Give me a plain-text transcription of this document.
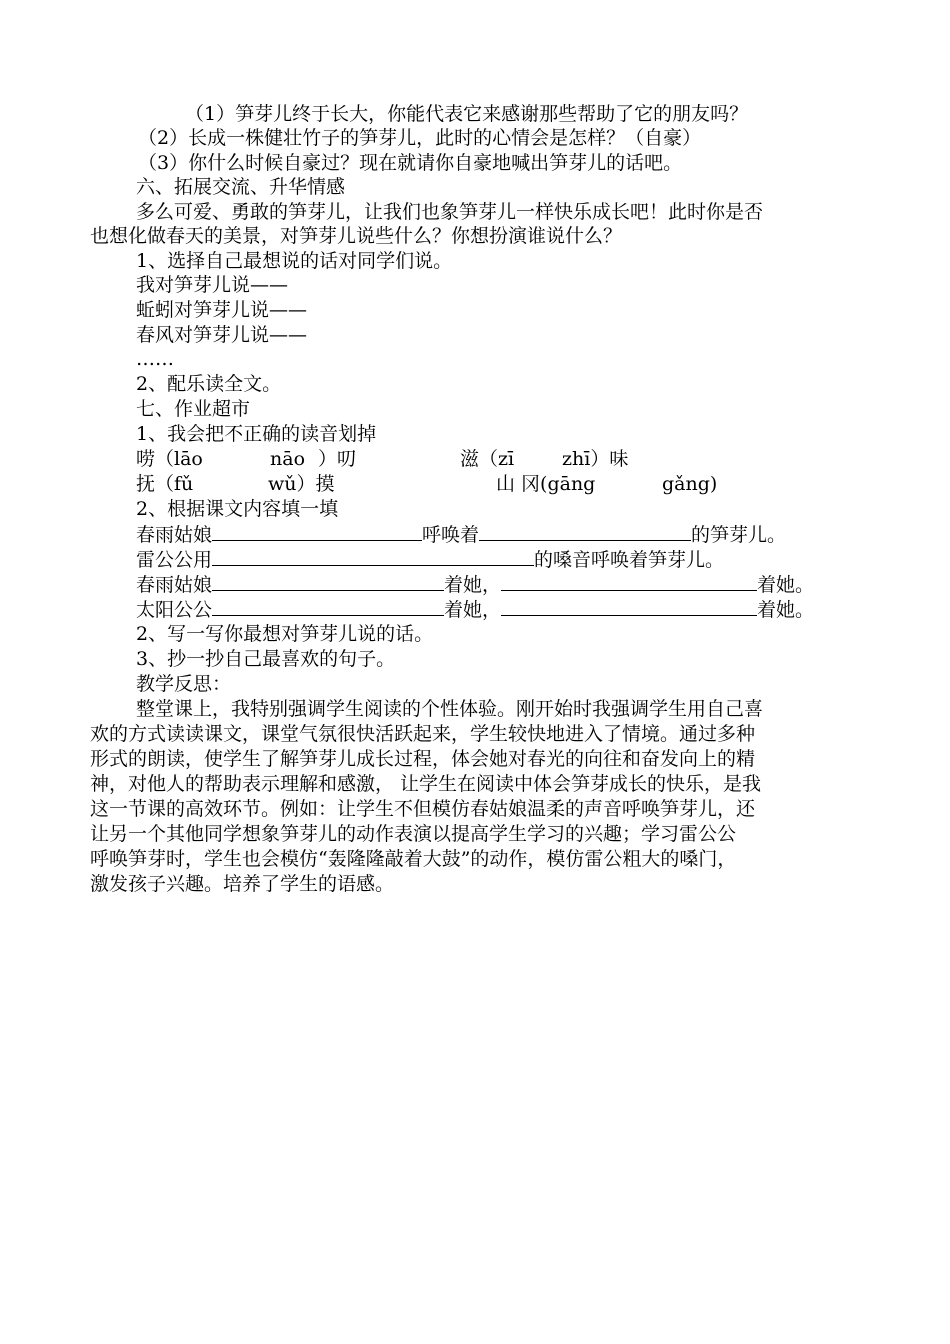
（1）笋芽儿终于长大，你能代表它来感谢那些帮助了它的朋友吗？
（2）长成一株健壮竹子的笋芽儿，此时的心情会是怎样？（自豪）
（3）你什么时候自豪过？现在就请你自豪地喊出笋芽儿的话吧。
六、拓展交流、升华情感
多么可爱、勇敢的笋芽儿，让我们也象笋芽儿一样快乐成长吧！此时你是否
也想化做春天的美景，对笋芽儿说些什么？你想扮演谁说什么？
1、选择自己最想说的话对同学们说。
我对笋芽儿说——
蚯蚓对笋芽儿说——
春风对笋芽儿说——
……
2、配乐读全文。
七、作业超市
1、我会把不正确的读音划掉
唠（lāo	nāo ）叨	滋（zī	zhī）味
抚（fǔ	wǔ）摸	山 冈(gāng	gǎng)
2、根据课文内容填一填
春雨姑娘	呼唤着	的笋芽儿。
雷公公用	的嗓音呼唤着笋芽儿。
春雨姑娘	着她，	着她。
太阳公公	着她，	着她。
2、写一写你最想对笋芽儿说的话。
3、抄一抄自己最喜欢的句子。
教学反思：
整堂课上，我特别强调学生阅读的个性体验。刚开始时我强调学生用自己喜
欢的方式读读课文，课堂气氛很快活跃起来，学生较快地进入了情境。通过多种
形式的朗读，使学生了解笋芽儿成长过程，体会她对春光的向往和奋发向上的精
神，对他人的帮助表示理解和感激， 让学生在阅读中体会笋芽成长的快乐，是我
这一节课的高效环节。例如：让学生不但模仿春姑娘温柔的声音呼唤笋芽儿，还
让另一个其他同学想象笋芽儿的动作表演以提高学生学习的兴趣；学习雷公公
呼唤笋芽时，学生也会模仿“轰隆隆敲着大鼓”的动作，模仿雷公粗大的嗓门，
激发孩子兴趣。培养了学生的语感。
